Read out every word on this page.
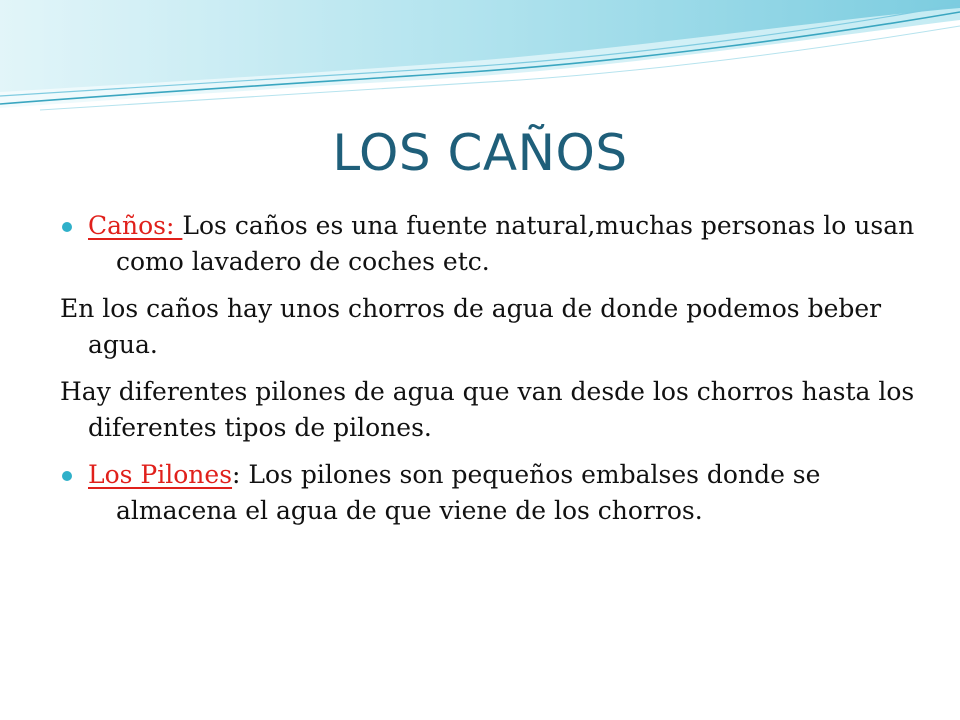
LOS CAÑOS
Caños: Los caños es una fuente natural,muchas personas lo usan como lavadero de coches etc.
En los caños hay unos chorros de agua de donde podemos beber agua.
Hay diferentes pilones de agua que van desde los chorros hasta los diferentes tipos de pilones.
Los Pilones: Los pilones son pequeños embalses donde se almacena el agua de que viene de los chorros.
